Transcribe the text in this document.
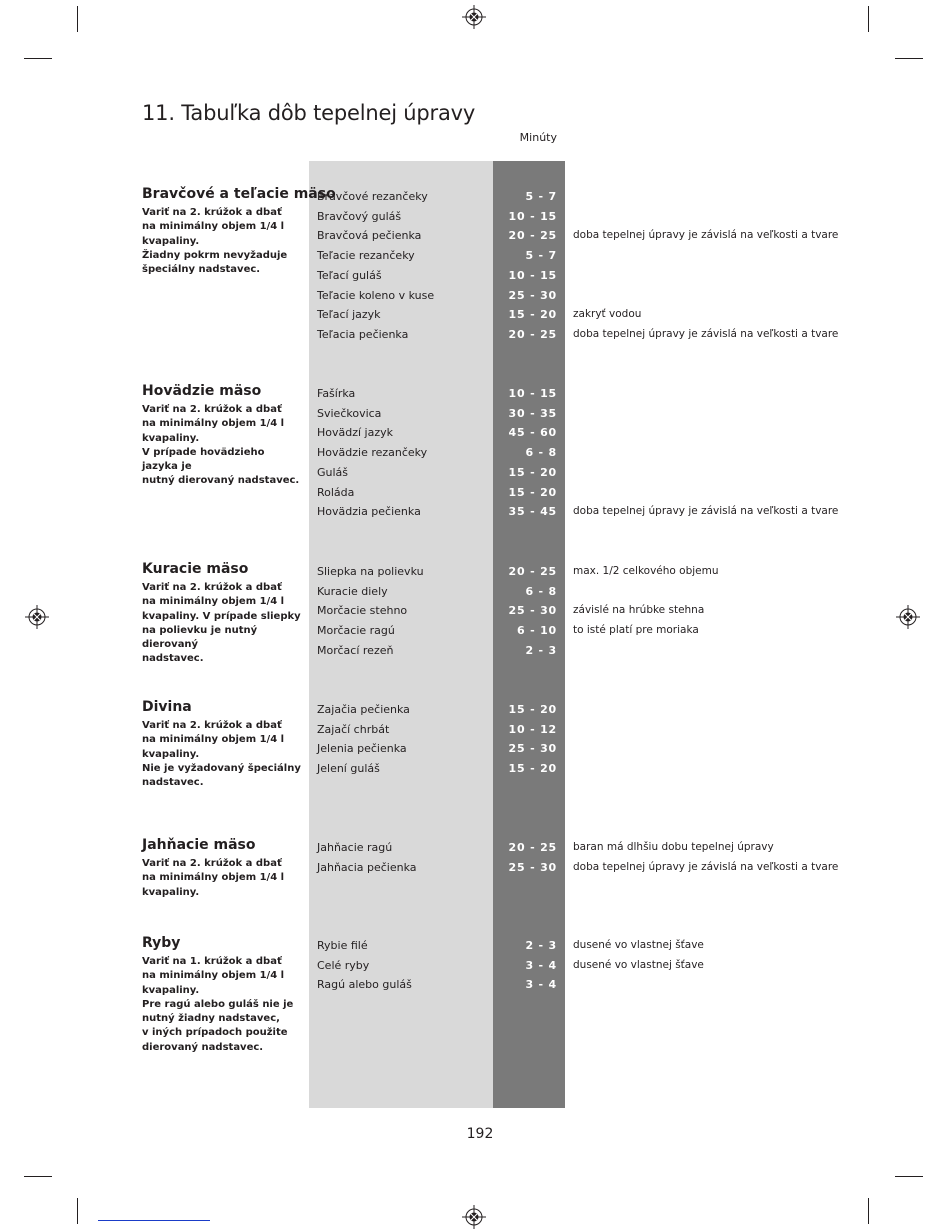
11. Tabuľka dôb tepelnej úpravy
Minúty
Bravčové a teľacie mäso
Variť na 2. krúžok a dbať
na minimálny objem 1/4 l
kvapaliny.
Žiadny pokrm nevyžaduje
špeciálny nadstavec.
Bravčové rezančeky	5 - 7
Bravčový guláš	10 - 15
Bravčová pečienka	20 - 25 doba tepelnej úpravy je závislá na veľkosti a tvare
Teľacie rezančeky	5 - 7
Teľací guláš	10 - 15
Teľacie koleno v kuse	25 - 30
Teľací jazyk	15 - 20 zakryť vodou
Teľacia pečienka	20 - 25 doba tepelnej úpravy je závislá na veľkosti a tvare
Hovädzie mäso
Variť na 2. krúžok a dbať
na minimálny objem 1/4 l
kvapaliny.
V prípade hovädzieho jazyka je
nutný dierovaný nadstavec.
Fašírka	10 - 15
Sviečkovica	30 - 35
Hovädzí jazyk	45 - 60
Hovädzie rezančeky	6 - 8
Guláš	15 - 20
Roláda	15 - 20
Hovädzia pečienka	35 - 45 doba tepelnej úpravy je závislá na veľkosti a tvare
Kuracie mäso
Variť na 2. krúžok a dbať
na minimálny objem 1/4 l
kvapaliny. V prípade sliepky
na polievku je nutný dierovaný
nadstavec.
Sliepka na polievku	20 - 25 max. 1/2 celkového objemu
Kuracie diely	6 - 8
Morčacie stehno	25 - 30 závislé na hrúbke stehna
Morčacie ragú	6 - 10 to isté platí pre moriaka
Morčací rezeň	2 - 3
Divina
Variť na 2. krúžok a dbať
na minimálny objem 1/4 l
kvapaliny.
Nie je vyžadovaný špeciálny
nadstavec.
Zajačia pečienka	15 - 20
Zajačí chrbát	10 - 12
Jelenia pečienka	25 - 30
Jelení guláš	15 - 20
Jahňacie mäso
Variť na 2. krúžok a dbať
na minimálny objem 1/4 l
kvapaliny.
Jahňacie ragú	20 - 25 baran má dlhšiu dobu tepelnej úpravy
Jahňacia pečienka	25 - 30 doba tepelnej úpravy je závislá na veľkosti a tvare
Ryby
Variť na 1. krúžok a dbať
na minimálny objem 1/4 l
kvapaliny.
Pre ragú alebo guláš nie je
nutný žiadny nadstavec,
v iných prípadoch použite
dierovaný nadstavec.
Rybie filé	2 - 3 dusené vo vlastnej šťave
Celé ryby	3 - 4 dusené vo vlastnej šťave
Ragú alebo guláš	3 - 4
192
